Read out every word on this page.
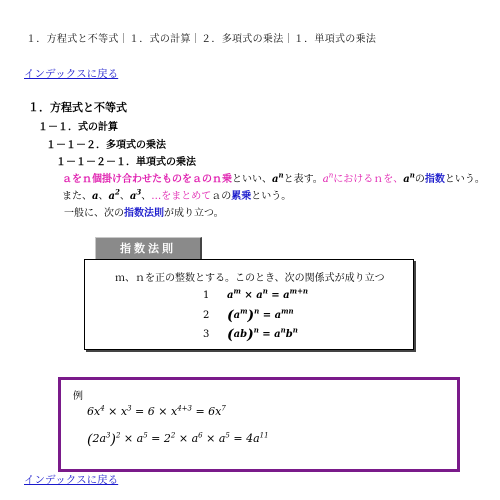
１．方程式と不等式｜１．式の計算｜２．多項式の乗法｜１．単項式の乗法
インデックスに戻る
１．方程式と不等式
１－１．式の計算
１－１－２．多項式の乗法
１－１－２－１．単項式の乗法
ａをｎ個掛け合わせたものをａのｎ乗といい、$a^n$と表す。$a^n$におけるｎを、$a^n$の指数という。
また、a、$a^2$、$a^3$、…をまとめてａの累乗という。
一般に、次の指数法則が成り立つ。
指数法則
ｍ、ｎを正の整数とする。このとき、次の関係式が成り立つ
1 $a^m \times a^n = a^{m+n}$
2 $(a^m)^n = a^{mn}$
3 $(ab)^n = a^nb^n$
例
$6x^4 \times x^3 = 6 \times x^{4+3} = 6x^7$
$(2a^3)^2 \times a^5 = 2^2 \times a^6 \times a^5 = 4a^{11}$
インデックスに戻る
